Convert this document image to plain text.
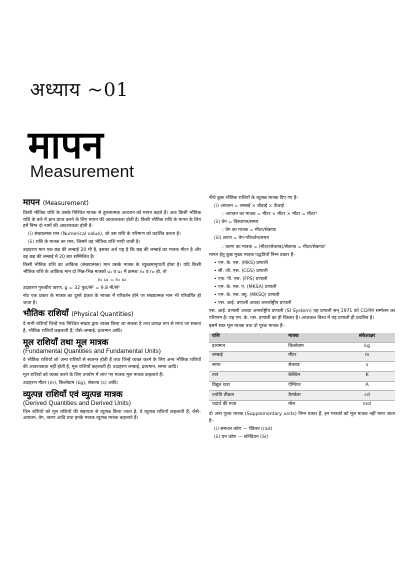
अध्याय ~01
मापन
Measurement
मापन (Measurement)

किसी भौतिक राशि के उसके निश्चित मात्रक से तुलनात्मक अध्ययन को मापन कहते हैं। अतः किसी भौतिक राशि के बारे में ज्ञान प्राप्त करने के लिए मापन की आवश्यकता होती है। किसी भौतिक राशि के मापन के लिए हमें निम्न दो नामों की आवश्यकता होती है–

(i) संख्यात्मक मान (Numerical value), जो उस राशि के परिमाण को प्रदर्शित करता है।

(ii) राशि के मात्रक का मान, जिसमें वह भौतिक राशि मापी जाती है।

उदाहरण मान एक छड़ की लम्बाई 20 मी है, इसका अर्थ यह है कि छड़ की लम्बाई का मात्रक मीटर है और वह छड़ की लम्बाई में 20 बार सम्मिलित है।

किसी भौतिक राशि का आंकिक (संख्यात्मक) मान उसके मात्रक के व्युत्क्रमानुपाती होता है। यदि किसी भौतिक राशि के आंकिक मान दो भिन्न-भिन्न मात्रकों u₁ व u₂ में क्रमशः n₁ व n₂ हो, तो

n₁ u₁ = n₂ u₂

उदाहरण गुरुत्वीय त्वरण, g = 32 फुट/से² = 9.8 मी/से²

नोट एक प्रकार के मात्रक का दूसरे प्रकार के मात्रक में परिवर्तन होने पर संख्यात्मक मान भी परिवर्तित हो जाता है।

भौतिक राशियाँ (Physical Quantities)

वे सभी राशियाँ जिन्हें एक निश्चित संख्या द्वारा व्यक्त किया जा सकता है तथा प्रत्यक्ष रूप से मापा जा सकता है, भौतिक राशियाँ कहलाती हैं; जैसे–लम्बाई, द्रव्यमान आदि।

मूल राशियाँ तथा मूल मात्रक
(Fundamental Quantities and Fundamental Units)

वे भौतिक राशियाँ जो अन्य राशियों से स्वतन्त्र होती हैं तथा जिन्हें व्यक्त करने के लिए अन्य भौतिक राशियों की आवश्यकता नहीं होती है, मूल राशियाँ कहलाती हैं। उदाहरण लम्बाई, द्रव्यमान, समय आदि।

मूल राशियों को व्यक्त करने के लिए उपयोग में लाए गए मात्रक मूल मात्रक कहलाते हैं।

उदाहरण मीटर (m), किलोग्राम (kg), सेकण्ड (s) आदि।

व्युत्पन्न राशियाँ एवं व्युत्पन्न मात्रक
(Derived Quantities and Derived Units)

जिन राशियों को मूल राशियों की सहायता से व्युत्पन्न किया जाता है, वे व्युत्पन्न राशियाँ कहलाती हैं; जैसे– आयतन, वेग, त्वरण आदि तथा इनके मात्रक व्युत्पन्न मात्रक कहलाते हैं।

नीचे कुछ भौतिक राशियों के व्युत्पन्न मात्रक दिए गए हैं–

(i) आयतन = लम्बाई × चौड़ाई × ऊँचाई

∴ आयतन का मात्रक = मीटर × मीटर × मीटर = मीटर³

(ii) वेग = विस्थापन/समय

∴ वेग का मात्रक = मीटर/सेकण्ड

(iii) त्वरण = वेग-परिवर्तन/समय

∴ त्वरण का मात्रक = (मीटर/सेकण्ड)/सेकण्ड = मीटर/सेकण्ड²

मापन हेतु कुछ मुख्य मात्रक पद्धतियाँ निम्न प्रकार हैं–

• एम. के. एस. (MKS) प्रणाली

• सी. जी. एस. (CGS) प्रणाली

• एफ. पी. एस. (FPS) प्रणाली

• एम. के. एस. ए. (MKSA) प्रणाली

• एम. के. एस. क्यू. (MKSQ) प्रणाली

• एस. आई. प्रणाली अथवा अन्तर्राष्ट्रीय प्रणाली

एस. आई. प्रणाली अथवा अन्तर्राष्ट्रीय प्रणाली (SI System) यह प्रणाली सन् 1971 को CGPM सम्मेलन का परिणाम है। यह एम. के. एस. प्रणाली का ही विस्तार है। आजकल विश्व में यह प्रणाली ही प्रचलित है।

इसमें सात मूल मात्रक तथा दो पूरक मात्रक हैं–

राशि	मात्रक	संकेताक्षर
द्रव्यमान	किलोग्राम	kg
लम्बाई	मीटर	m
समय	सेकण्ड	s
ताप	केल्विन	K
विद्युत धारा	ऐम्पियर	A
ज्योति तीव्रता	कैण्डेला	cd
पदार्थ की मात्रा	मोल	mol

दो अन्य पूरक मात्रक (Supplementary units) निम्न प्रकार हैं, इन मात्रकों को मूल मात्रक नहीं माना जाता है–

(i) समतल कोण — रेडियन (rad)

(ii) घन कोण — स्टेरेडियन (Sr)
